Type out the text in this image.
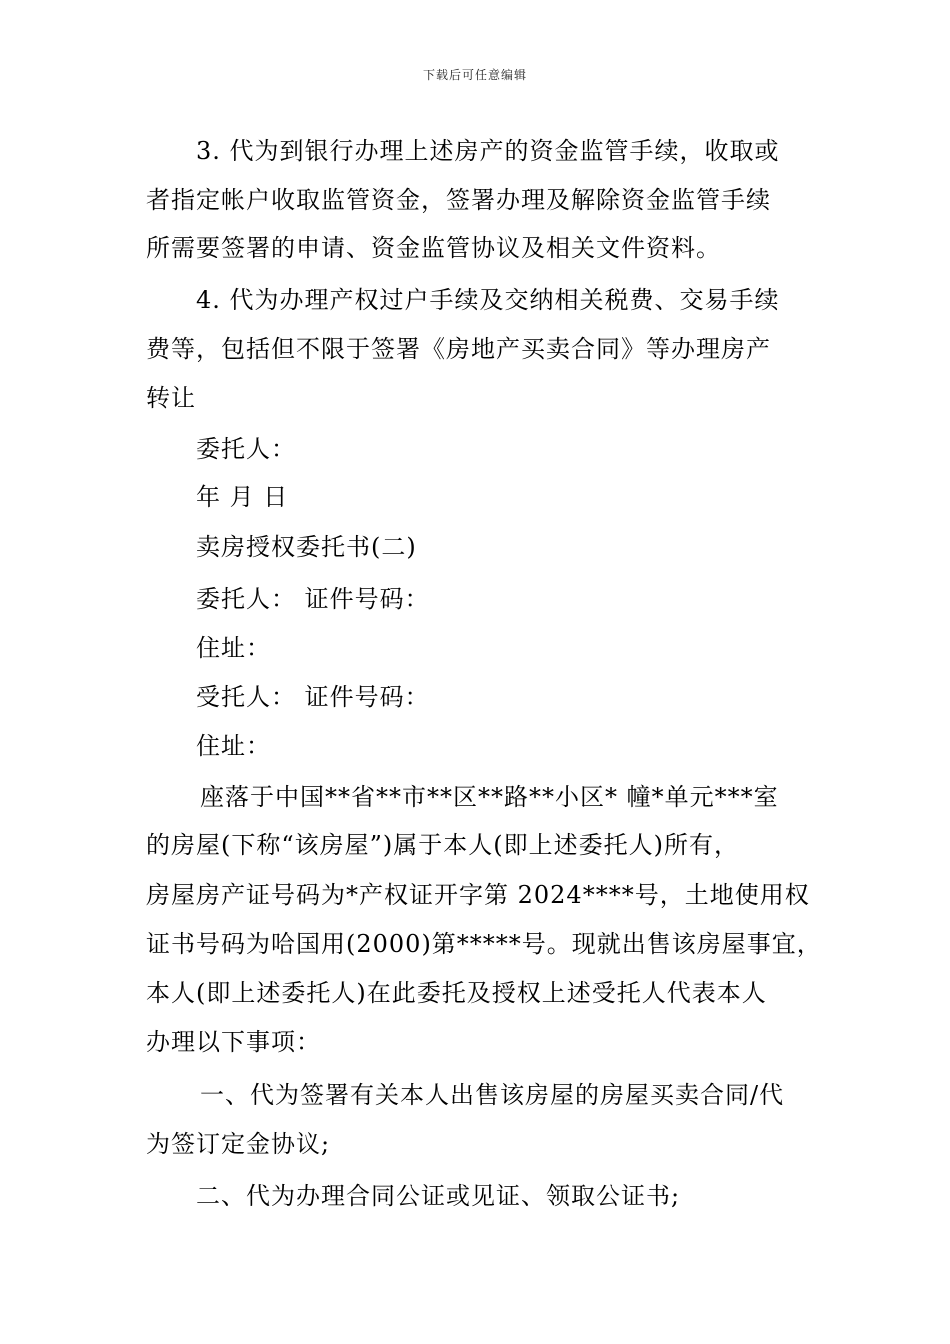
下载后可任意编辑
3. 代为到银行办理上述房产的资金监管手续，收取或
者指定帐户收取监管资金，签署办理及解除资金监管手续
所需要签署的申请、资金监管协议及相关文件资料。
4. 代为办理产权过户手续及交纳相关税费、交易手续
费等，包括但不限于签署《房地产买卖合同》等办理房产
转让
委托人：
年 月 日
卖房授权委托书(二)
委托人： 证件号码：
住址：
受托人： 证件号码：
住址：
座落于中国**省**市**区**路**小区* 幢*单元***室
的房屋(下称“该房屋”)属于本人(即上述委托人)所有，
房屋房产证号码为*产权证开字第 2024****号，土地使用权
证书号码为哈国用(2000)第*****号。现就出售该房屋事宜，
本人(即上述委托人)在此委托及授权上述受托人代表本人
办理以下事项：
一、代为签署有关本人出售该房屋的房屋买卖合同/代
为签订定金协议;
二、代为办理合同公证或见证、领取公证书;
